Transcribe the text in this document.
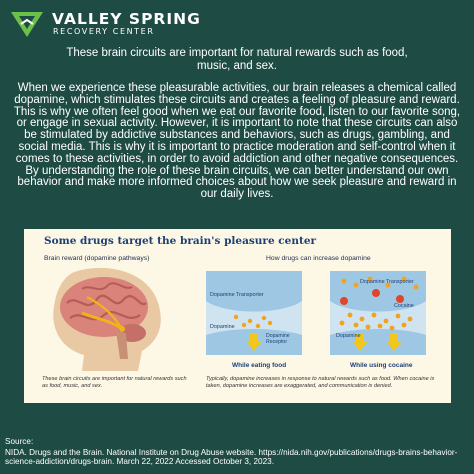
VALLEY SPRING
RECOVERY CENTER
These brain circuits are important for natural rewards such as food, music, and sex.
When we experience these pleasurable activities, our brain releases a chemical called dopamine, which stimulates these circuits and creates a feeling of pleasure and reward. This is why we often feel good when we eat our favorite food, listen to our favorite song, or engage in sexual activity. However, it is important to note that these circuits can also be stimulated by addictive substances and behaviors, such as drugs, gambling, and social media. This is why it is important to practice moderation and self-control when it comes to these activities, in order to avoid addiction and other negative consequences. By understanding the role of these brain circuits, we can better understand our own behavior and make more informed choices about how we seek pleasure and reward in our daily lives.
Some drugs target the brain's pleasure center
Brain reward (dopamine pathways)	How drugs can increase dopamine
These brain circuits are important for natural rewards such as food, music, and sex.
Dopamine Transporter
Dopamine
Dopamine Receptor
While eating food
Dopamine Transporter
Dopamine
Cocaine
While using cocaine
Typically, dopamine increases in response to natural rewards such as food. When cocaine is taken, dopamine increases are exaggerated, and communication is denied.
Source:
NIDA. Drugs and the Brain. National Institute on Drug Abuse website. https://nida.nih.gov/publications/drugs-brains-behavior-science-addiction/drugs-brain. March 22, 2022 Accessed October 3, 2023.
